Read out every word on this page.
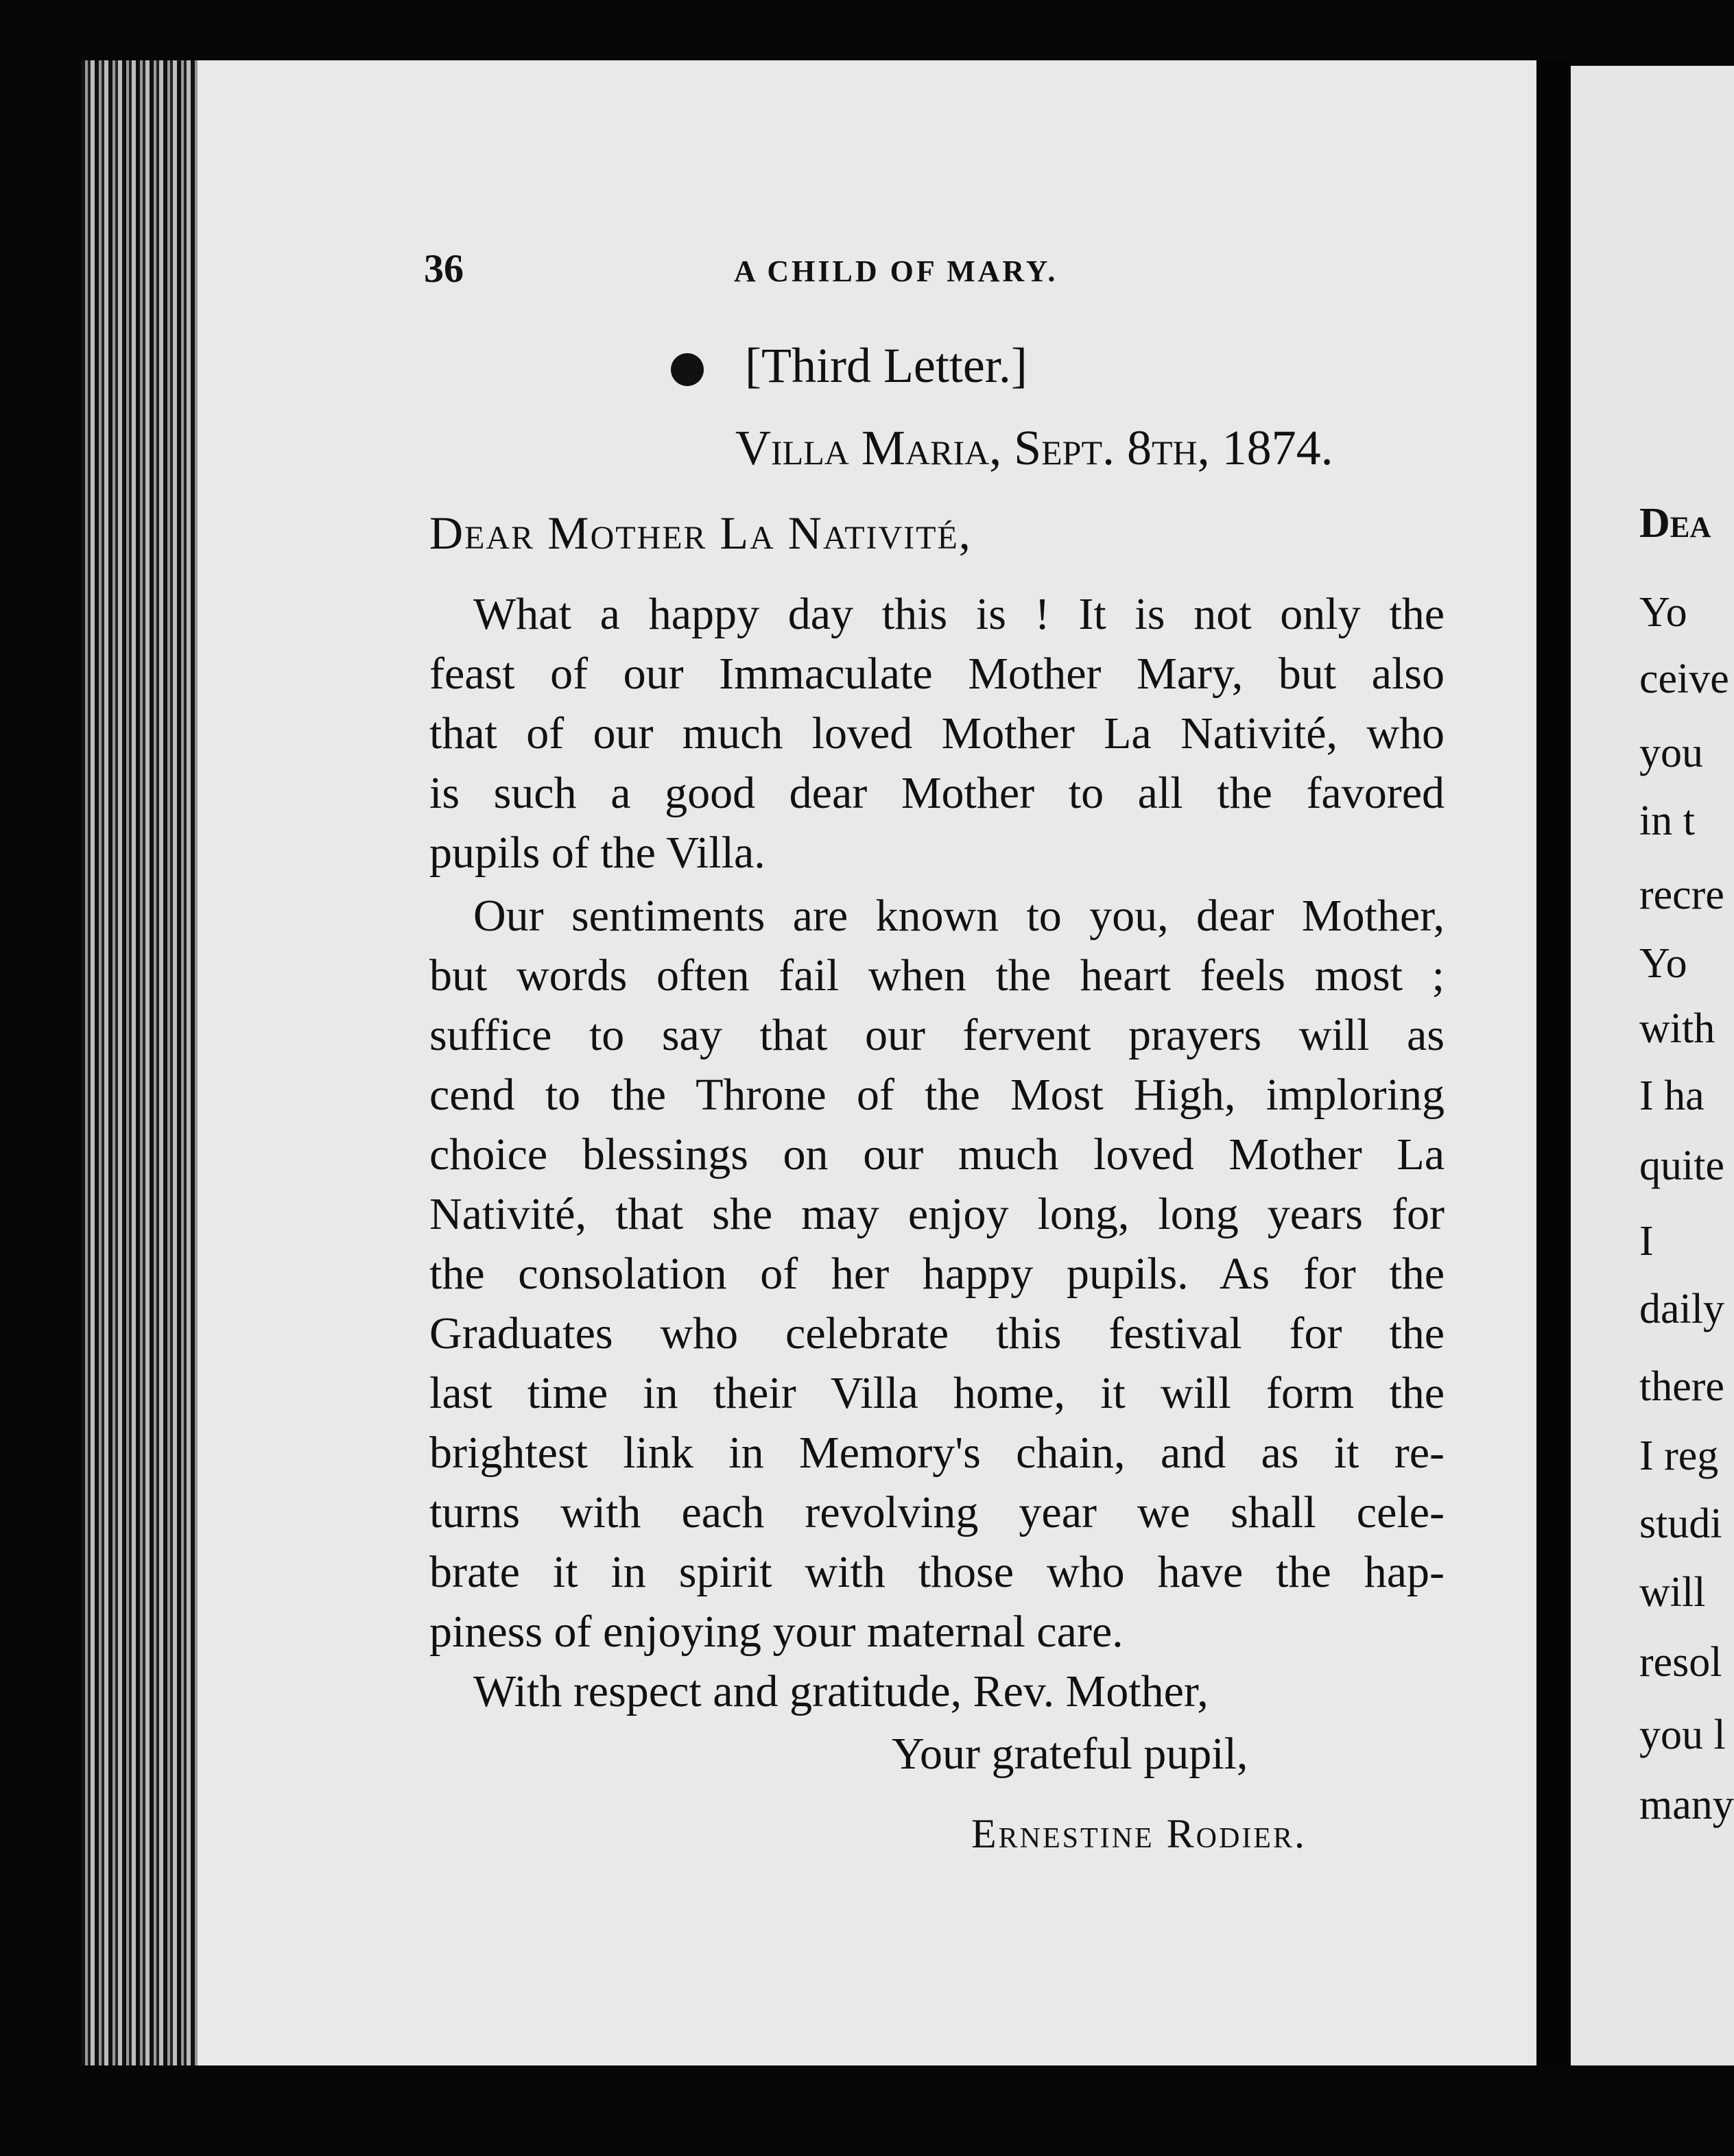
36	A CHILD OF MARY.
[Third Letter.]
Villa Maria, Sept. 8th, 1874.
Dear Mother La Nativité,
What a happy day this is ! It is not only the
feast of our Immaculate Mother Mary, but also
that of our much loved Mother La Nativité, who
is such a good dear Mother to all the favored
pupils of the Villa.
Our sentiments are known to you, dear Mother,
but words often fail when the heart feels most ;
suffice to say that our fervent prayers will as
cend to the Throne of the Most High, imploring
choice blessings on our much loved Mother La
Nativité, that she may enjoy long, long years for
the consolation of her happy pupils. As for the
Graduates who celebrate this festival for the
last time in their Villa home, it will form the
brightest link in Memory's chain, and as it re-
turns with each revolving year we shall cele-
brate it in spirit with those who have the hap-
piness of enjoying your maternal care.
With respect and gratitude, Rev. Mother,
Your grateful pupil,
Ernestine Rodier.
Dea
Yo
ceive
you
in t
recre
Yo
with
I ha
quite
I
daily
there
I reg
studi
will
resol
you l
many
